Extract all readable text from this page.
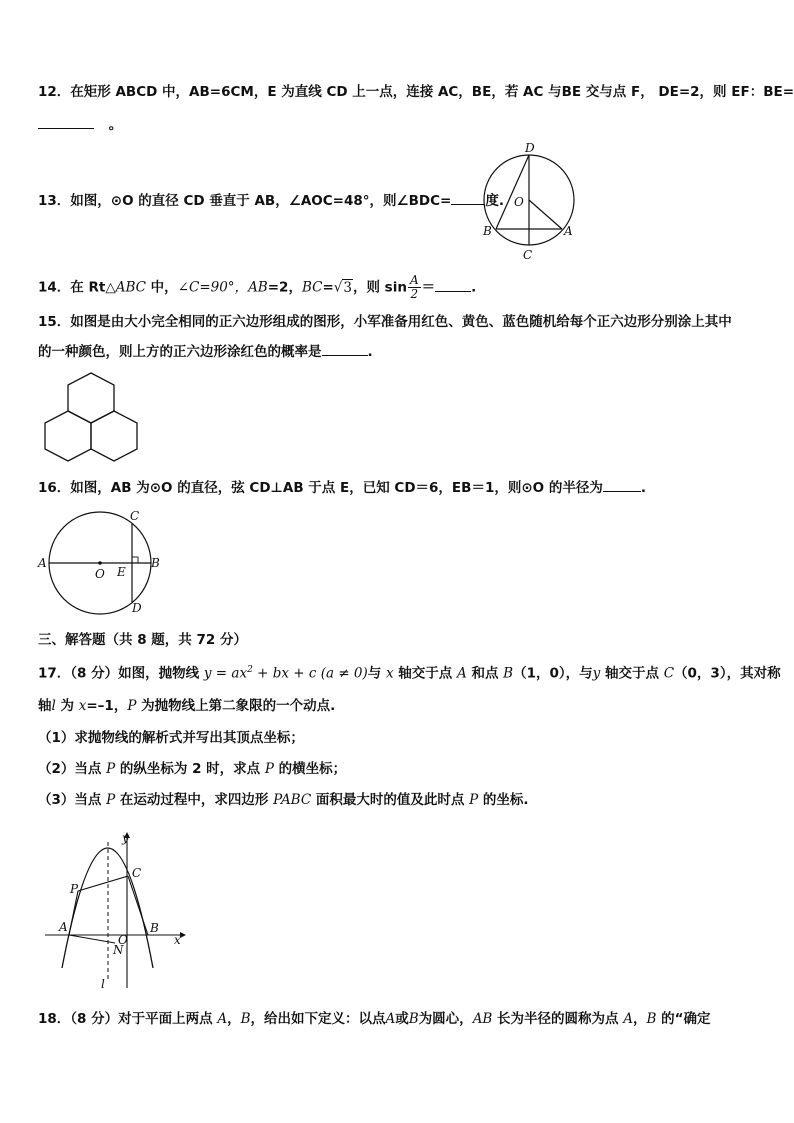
12．在矩形 ABCD 中，AB=6CM，E 为直线 CD 上一点，连接 AC，BE，若 AC 与BE 交与点 F， DE=2，则 EF：BE=
。
13．如图，⊙O 的直径 CD 垂直于 AB，∠AOC=48°，则∠BDC=	度.
D
O
B	A
C
14．在 Rt△ABC 中，∠C=90°，AB=2，BC=√3，则 $\sin \frac{A}{2}$ ＝	.
15．如图是由大小完全相同的正六边形组成的图形，小军准备用红色、黄色、蓝色随机给每个正六边形分别涂上其中
的一种颜色，则上方的正六边形涂红色的概率是	.
16．如图，AB 为⊙O 的直径，弦 CD⊥AB 于点 E，已知 CD＝6，EB＝1，则⊙O 的半径为	.
A
O E
B
C
D
三、解答题（共 8 题，共 72 分）
17．（8 分）如图，抛物线 $y = ax^2$ + bx + c (a ≠ 0)与 x 轴交于点 A 和点 B（1，0），与y 轴交于点 C（0，3），其对称
轴l 为 x=–1，P 为抛物线上第二象限的一个动点.
（1）求抛物线的解析式并写出其顶点坐标；
（2）当点 P 的纵坐标为 2 时，求点 P 的横坐标；
（3）当点 P 在运动过程中，求四边形 PABC 面积最大时的值及此时点 P 的坐标.
y
C
P
A
O
N
B
x
l
18．（8 分）对于平面上两点 A，B，给出如下定义：以点A或B为圆心，AB 长为半径的圆称为点 A，B 的“确定
